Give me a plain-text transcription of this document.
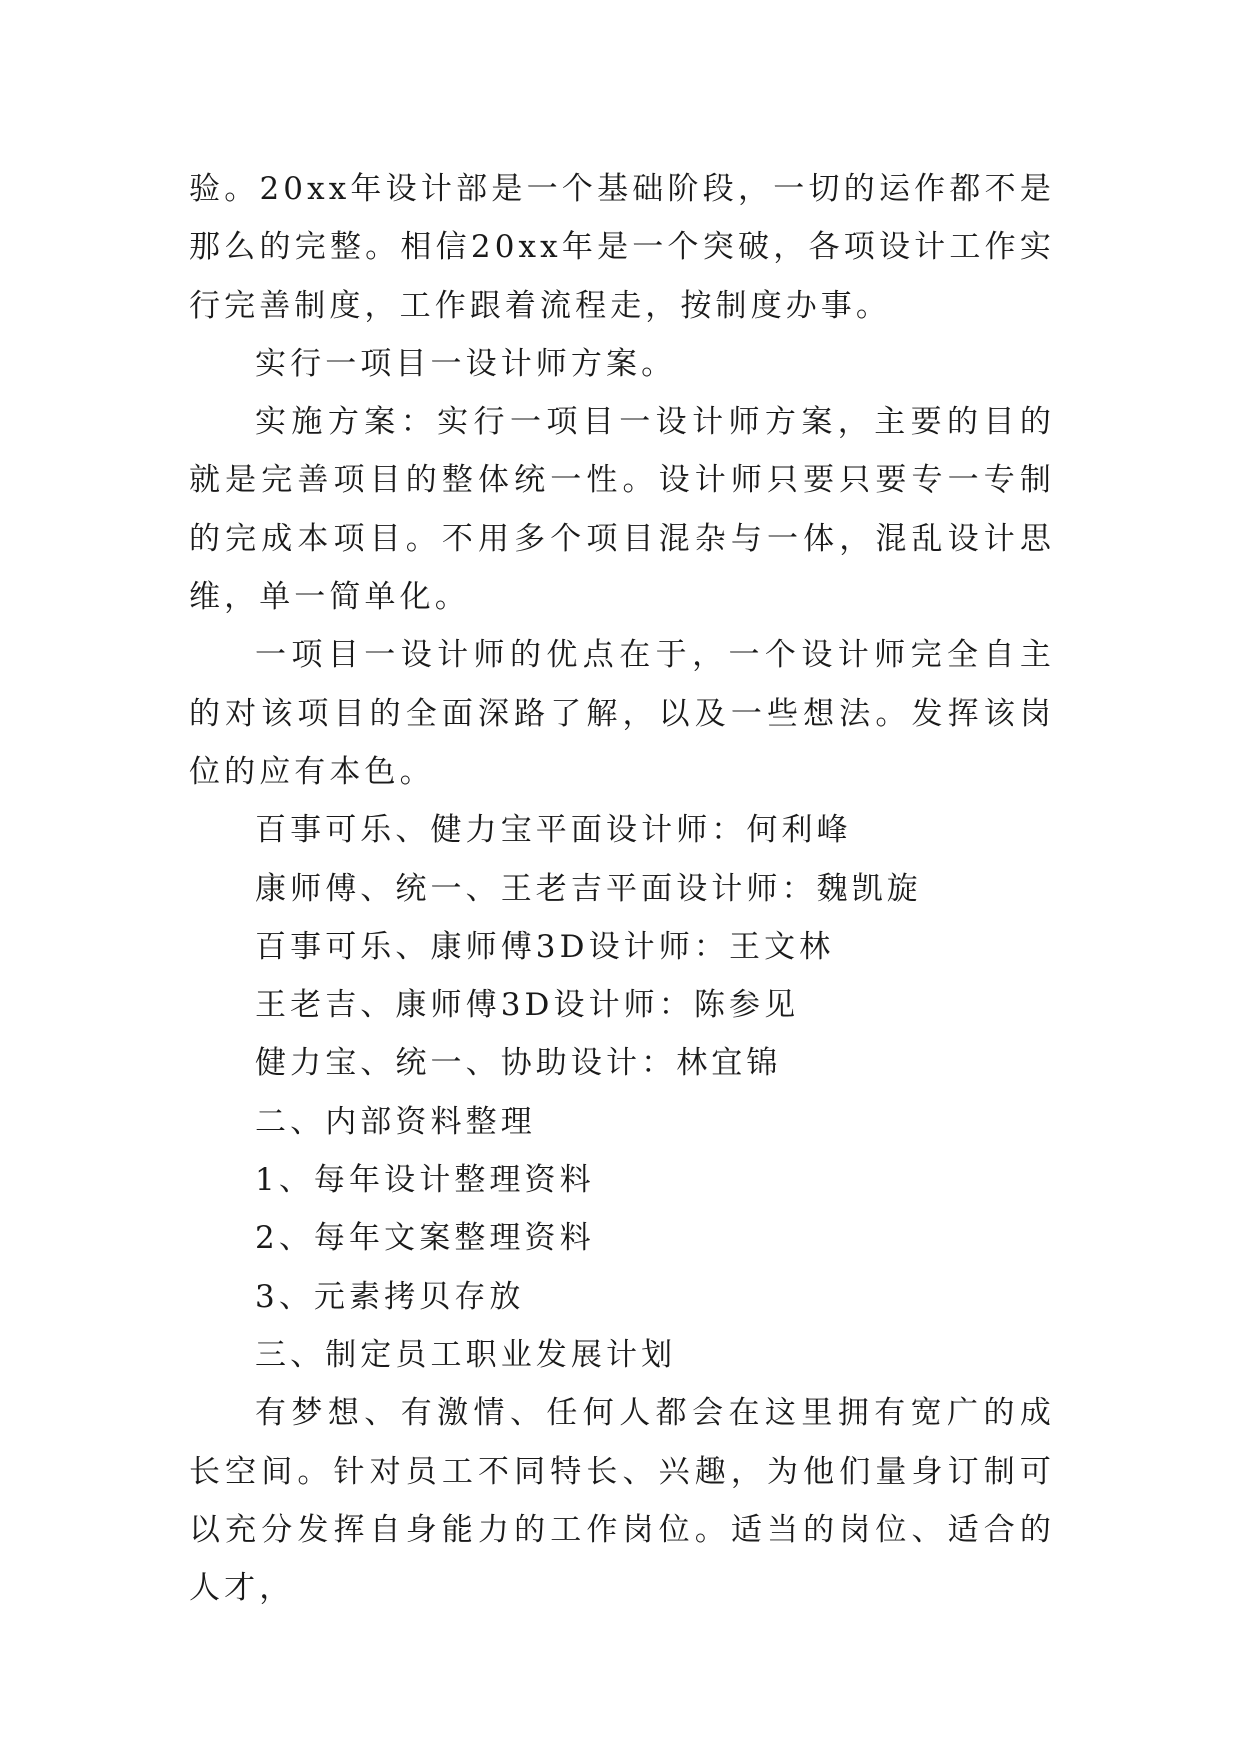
验。20xx年设计部是一个基础阶段，一切的运作都不是那么的完整。相信20xx年是一个突破，各项设计工作实行完善制度，工作跟着流程走，按制度办事。

实行一项目一设计师方案。

实施方案：实行一项目一设计师方案，主要的目的就是完善项目的整体统一性。设计师只要只要专一专制的完成本项目。不用多个项目混杂与一体，混乱设计思维，单一简单化。

一项目一设计师的优点在于，一个设计师完全自主的对该项目的全面深路了解，以及一些想法。发挥该岗位的应有本色。

百事可乐、健力宝平面设计师：何利峰

康师傅、统一、王老吉平面设计师：魏凯旋

百事可乐、康师傅3D设计师：王文林

王老吉、康师傅3D设计师：陈参见

健力宝、统一、协助设计：林宜锦

二、内部资料整理

1、每年设计整理资料

2、每年文案整理资料

3、元素拷贝存放

三、制定员工职业发展计划

有梦想、有激情、任何人都会在这里拥有宽广的成长空间。针对员工不同特长、兴趣，为他们量身订制可以充分发挥自身能力的工作岗位。适当的岗位、适合的人才，
